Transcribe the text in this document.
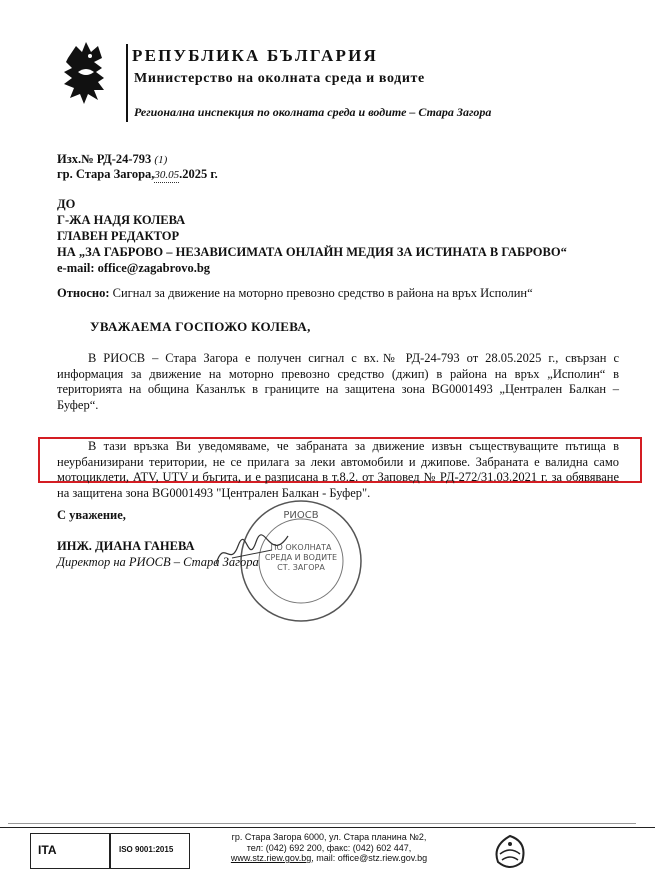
РЕПУБЛИКА БЪЛГАРИЯ
Министерство на околната среда и водите
Регионална инспекция по околната среда и водите – Стара Загора
Изх.№ РД-24-793 (1)
гр. Стара Загора,30.05.2025 г.
ДО
Г-ЖА НАДЯ КОЛЕВА
ГЛАВЕН РЕДАКТОР
НА „ЗА ГАБРОВО – НЕЗАВИСИМАТА ОНЛАЙН МЕДИЯ ЗА ИСТИНАТА В ГАБРОВО“
e-mail: office@zagabrovo.bg
Относно: Сигнал за движение на моторно превозно средство в района на връх Исполин“
УВАЖАЕМА ГОСПОЖО КОЛЕВА,
В РИОСВ – Стара Загора е получен сигнал с вх.№ РД-24-793 от 28.05.2025 г., свързан с информация за движение на моторно превозно средство (джип) в района на връх „Исполин“ в територията на община Казанлък в границите на защитена зона BG0001493 „Централен Балкан – Буфер“.
В тази връзка Ви уведомяваме, че забраната за движение извън съществуващите пътища в неурбанизирани територии, не се прилага за леки автомобили и джипове. Забраната е валидна само мотоциклети, ATV, UTV и бъгита, и е разписана в т.8.2. от Заповед № РД-272/31.03.2021 г. за обявяване на защитена зона BG0001493 "Централен Балкан - Буфер".
С уважение,	РИОСВ
ПО ОКОЛНАТА
СРЕДА И ВОДИТЕ
СТ. ЗАГОРА
ИНЖ. ДИАНА ГАНЕВА
Директор на РИОСВ – Стара Загора
ІТА	ISO 9001:2015
гр. Стара Загора 6000, ул. Стара планина №2,
тел: (042) 692 200, факс: (042) 602 447,
www.stz.riew.gov.bg, mail: office@stz.riew.gov.bg
